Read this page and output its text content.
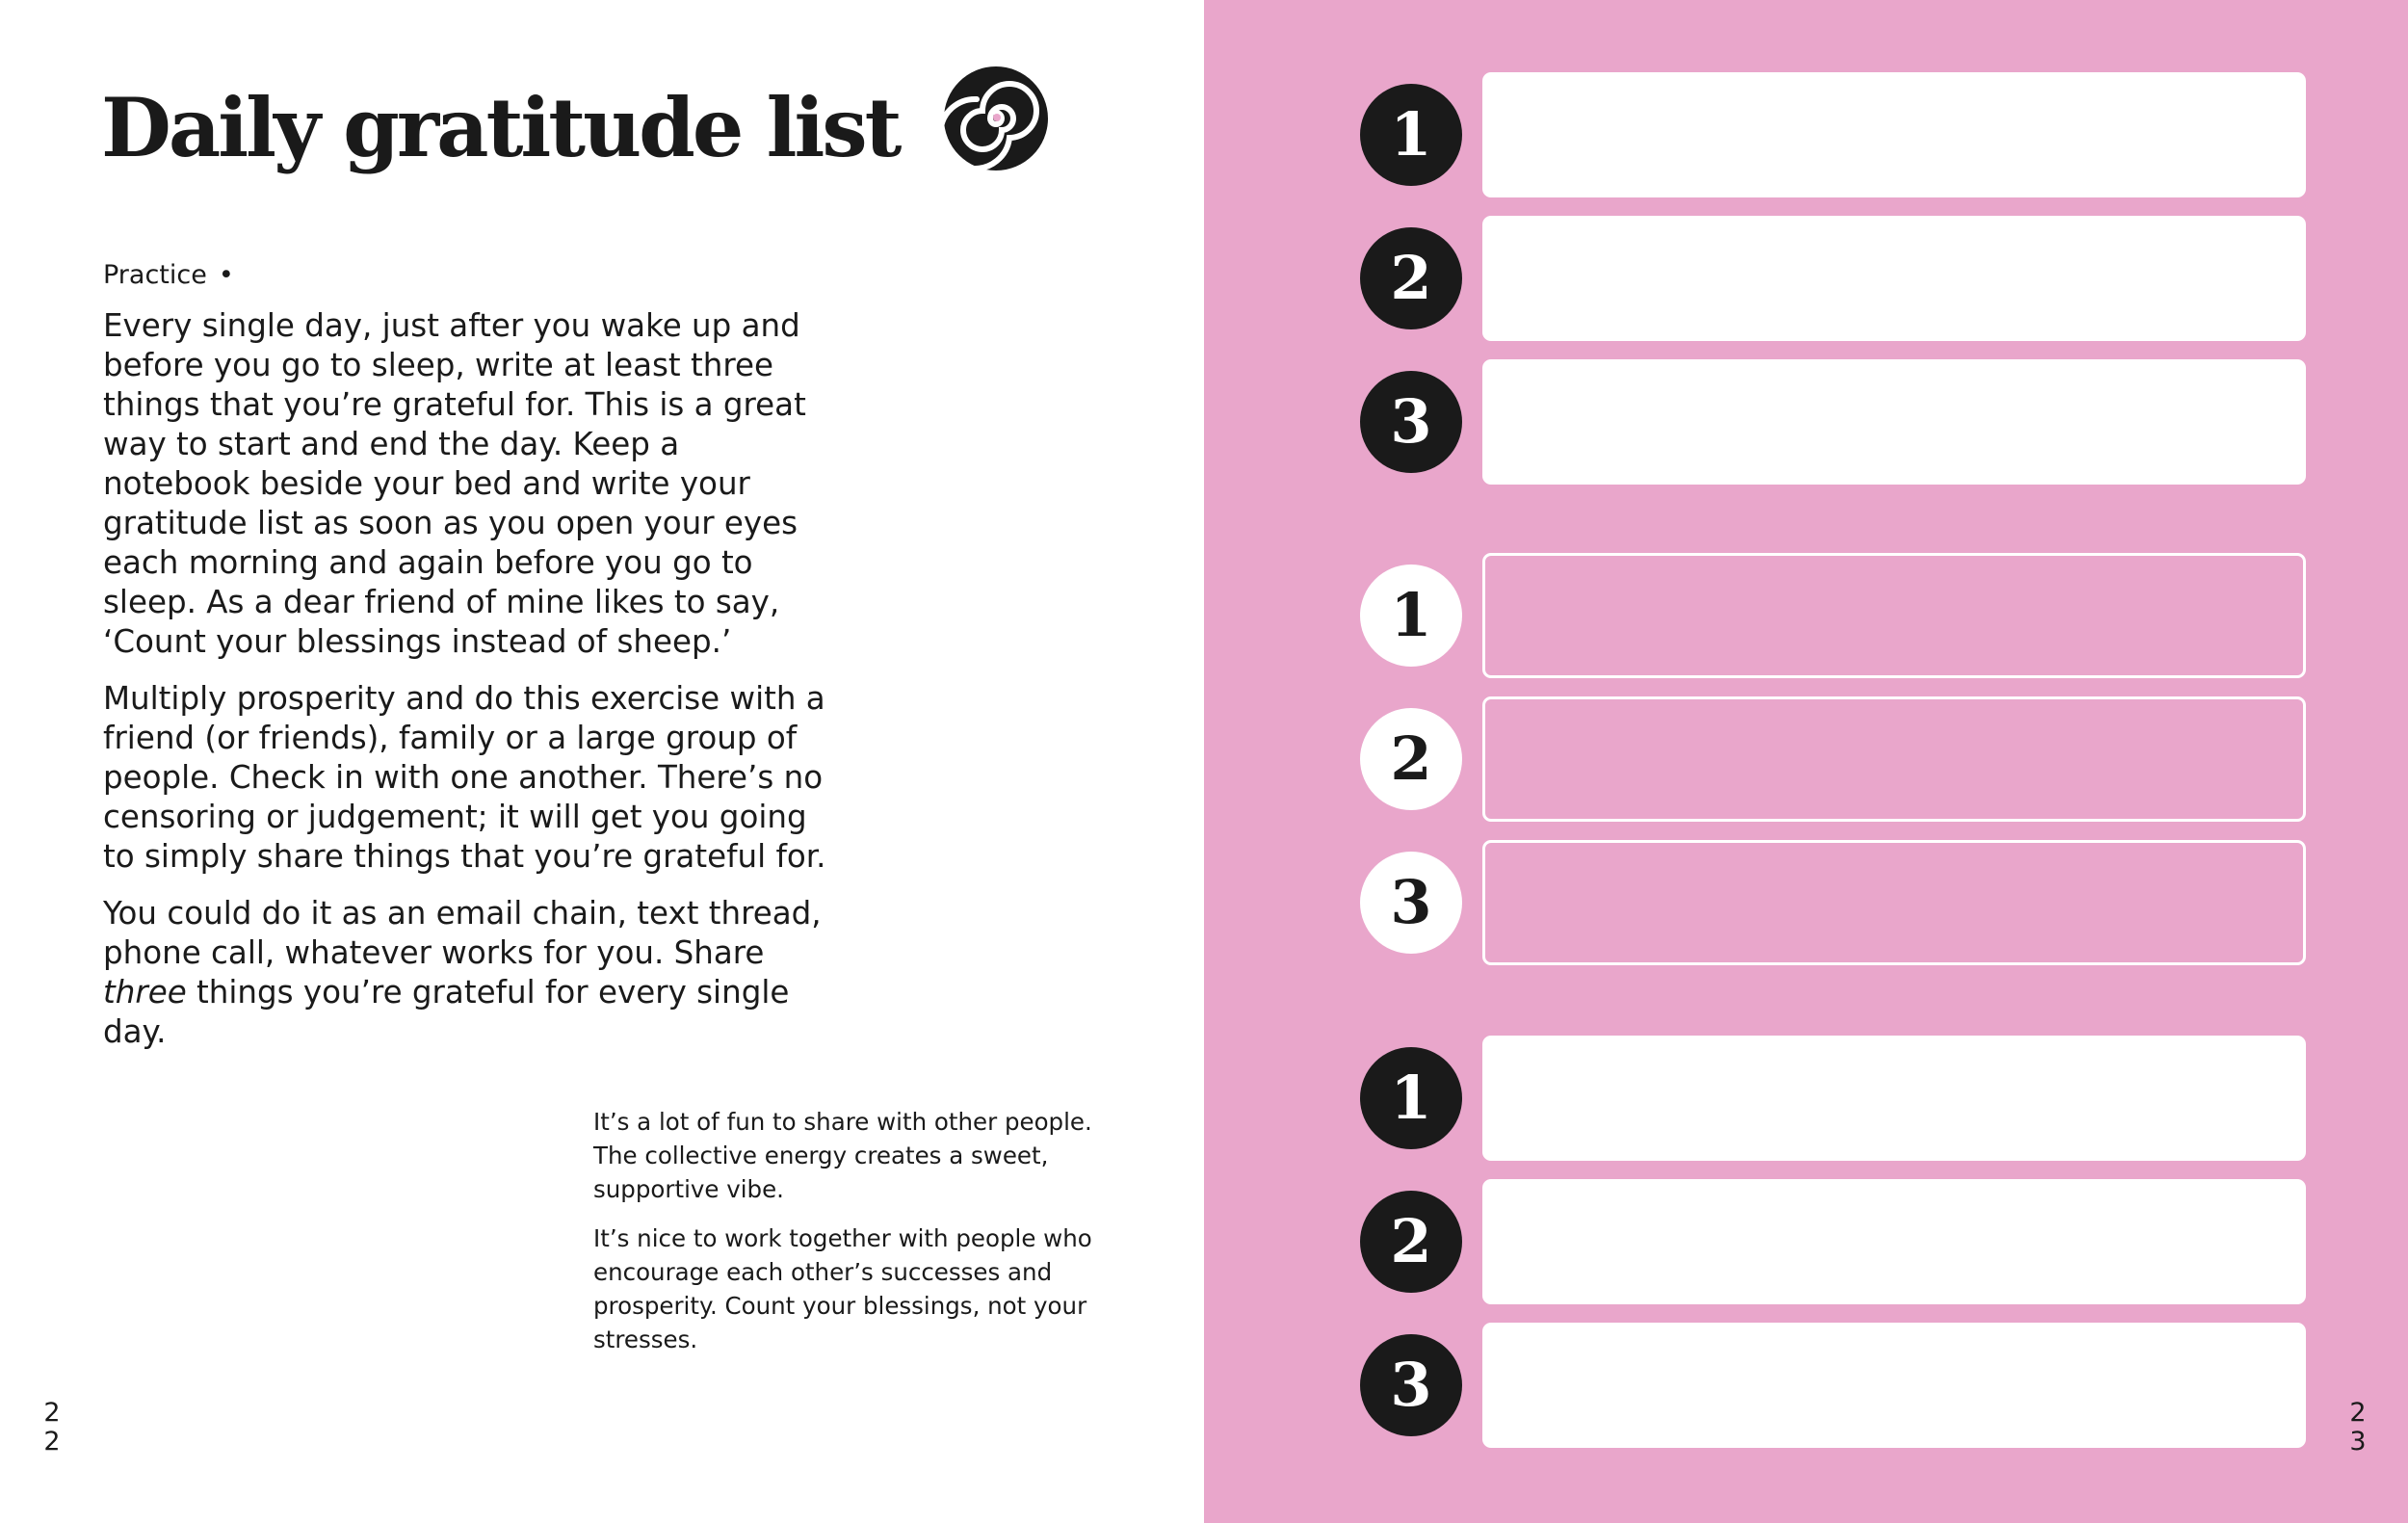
Daily gratitude list
Practice •

Every single day, just after you wake up and before you go to sleep, write at least three things that you’re grateful for. This is a great way to start and end the day. Keep a notebook beside your bed and write your gratitude list as soon as you open your eyes each morning and again before you go to sleep. As a dear friend of mine likes to say, ‘Count your blessings instead of sheep.’

Multiply prosperity and do this exercise with a friend (or friends), family or a large group of people. Check in with one another. There’s no censoring or judgement; it will get you going to simply share things that you’re grateful for.

You could do it as an email chain, text thread, phone call, whatever works for you. Share three things you’re grateful for every single day.

It’s a lot of fun to share with other people. The collective energy creates a sweet, supportive vibe.

It’s nice to work together with people who encourage each other’s successes and prosperity. Count your blessings, not your stresses.

22
1
2
3
1
2
3
1
2
3	23
